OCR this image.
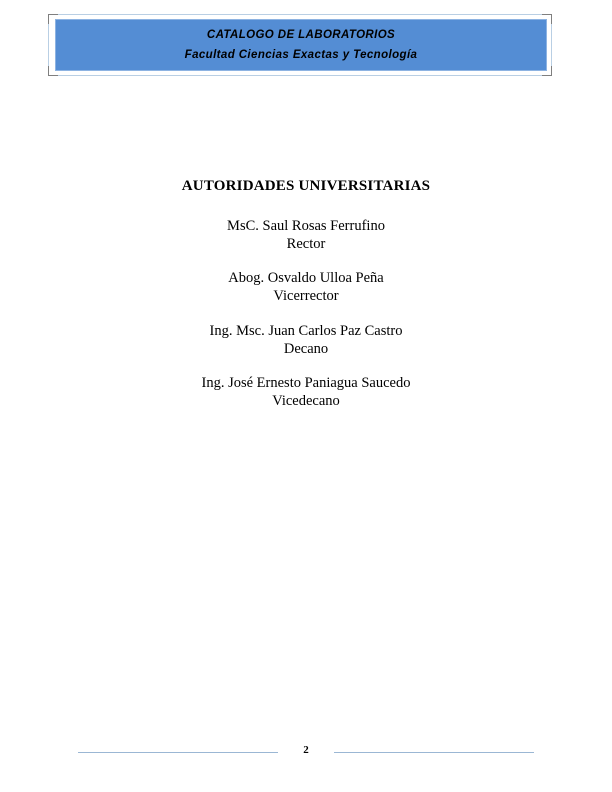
CATALOGO DE LABORATORIOS
Facultad Ciencias Exactas y Tecnología
AUTORIDADES UNIVERSITARIAS
MsC. Saul Rosas Ferrufino
Rector
Abog. Osvaldo Ulloa Peña
Vicerrector
Ing. Msc. Juan Carlos Paz Castro
Decano
Ing. José Ernesto Paniagua Saucedo
Vicedecano
2
